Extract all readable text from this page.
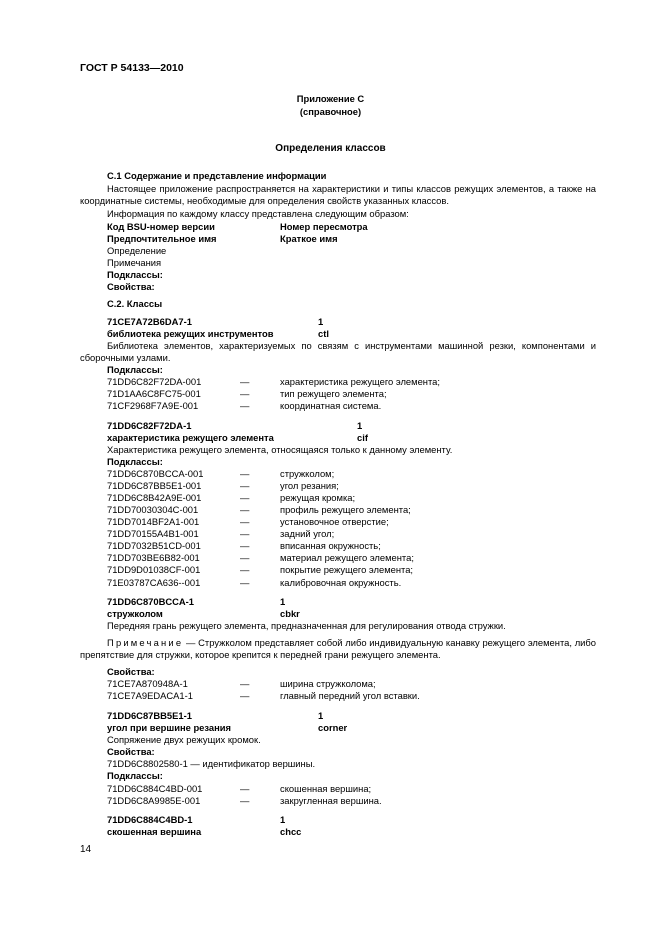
ГОСТ Р 54133—2010
Приложение С
(справочное)
Определения классов
С.1 Содержание и представление информации
Настоящее приложение распространяется на характеристики и типы классов режущих элементов, а также на координатные системы, необходимые для определения свойств указанных классов.
Информация по каждому классу представлена следующим образом:
Код BSU-номер версии	Номер пересмотра
Предпочтительное имя	Краткое имя
Определение
Примечания
Подклассы:
Свойства:
С.2. Классы
71CE7A72B6DA7-1	1
библиотека режущих инструментов	ctl
Библиотека элементов, характеризуемых по связям с инструментами машинной резки, компонентами и сборочными узлами.
Подклассы:
71DD6C82F72DA-001	—	характеристика режущего элемента;
71D1AA6C8FC75-001	—	тип режущего элемента;
71CF2968F7A9E-001	—	координатная система.
71DD6C82F72DA-1	1
характеристика режущего элемента	cif
Характеристика режущего элемента, относящаяся только к данному элементу.
Подклассы:
71DD6C870BCCA-001	—	стружколом;
71DD6C87BB5E1-001	—	угол резания;
71DD6C8B42A9E-001	—	режущая кромка;
71DD70030304C-001	—	профиль режущего элемента;
71DD7014BF2A1-001	—	установочное отверстие;
71DD70155A4B1-001	—	задний угол;
71DD7032B51CD-001	—	вписанная окружность;
71DD703BE6B82-001	—	материал режущего элемента;
71DD9D01038CF-001	—	покрытие режущего элемента;
71E03787CA636--001	—	калибровочная окружность.
71DD6C870BCCA-1	1
стружколом	cbkr
Передняя грань режущего элемента, предназначенная для регулирования отвода стружки.
Примечание — Стружколом представляет собой либо индивидуальную канавку режущего элемента, либо препятствие для стружки, которое крепится к передней грани режущего элемента.
Свойства:
71CE7A870948A-1	—	ширина стружколома;
71CE7A9EDACA1-1	—	главный передний угол вставки.
71DD6C87BB5E1-1	1
угол при вершине резания	corner
Сопряжение двух режущих кромок.
Свойства:
71DD6C8802580-1 — идентификатор вершины.
Подклассы:
71DD6C884C4BD-001	—	скошенная вершина;
71DD6C8A9985E-001	—	закругленная вершина.
71DD6C884C4BD-1	1
скошенная вершина	chcc
14
